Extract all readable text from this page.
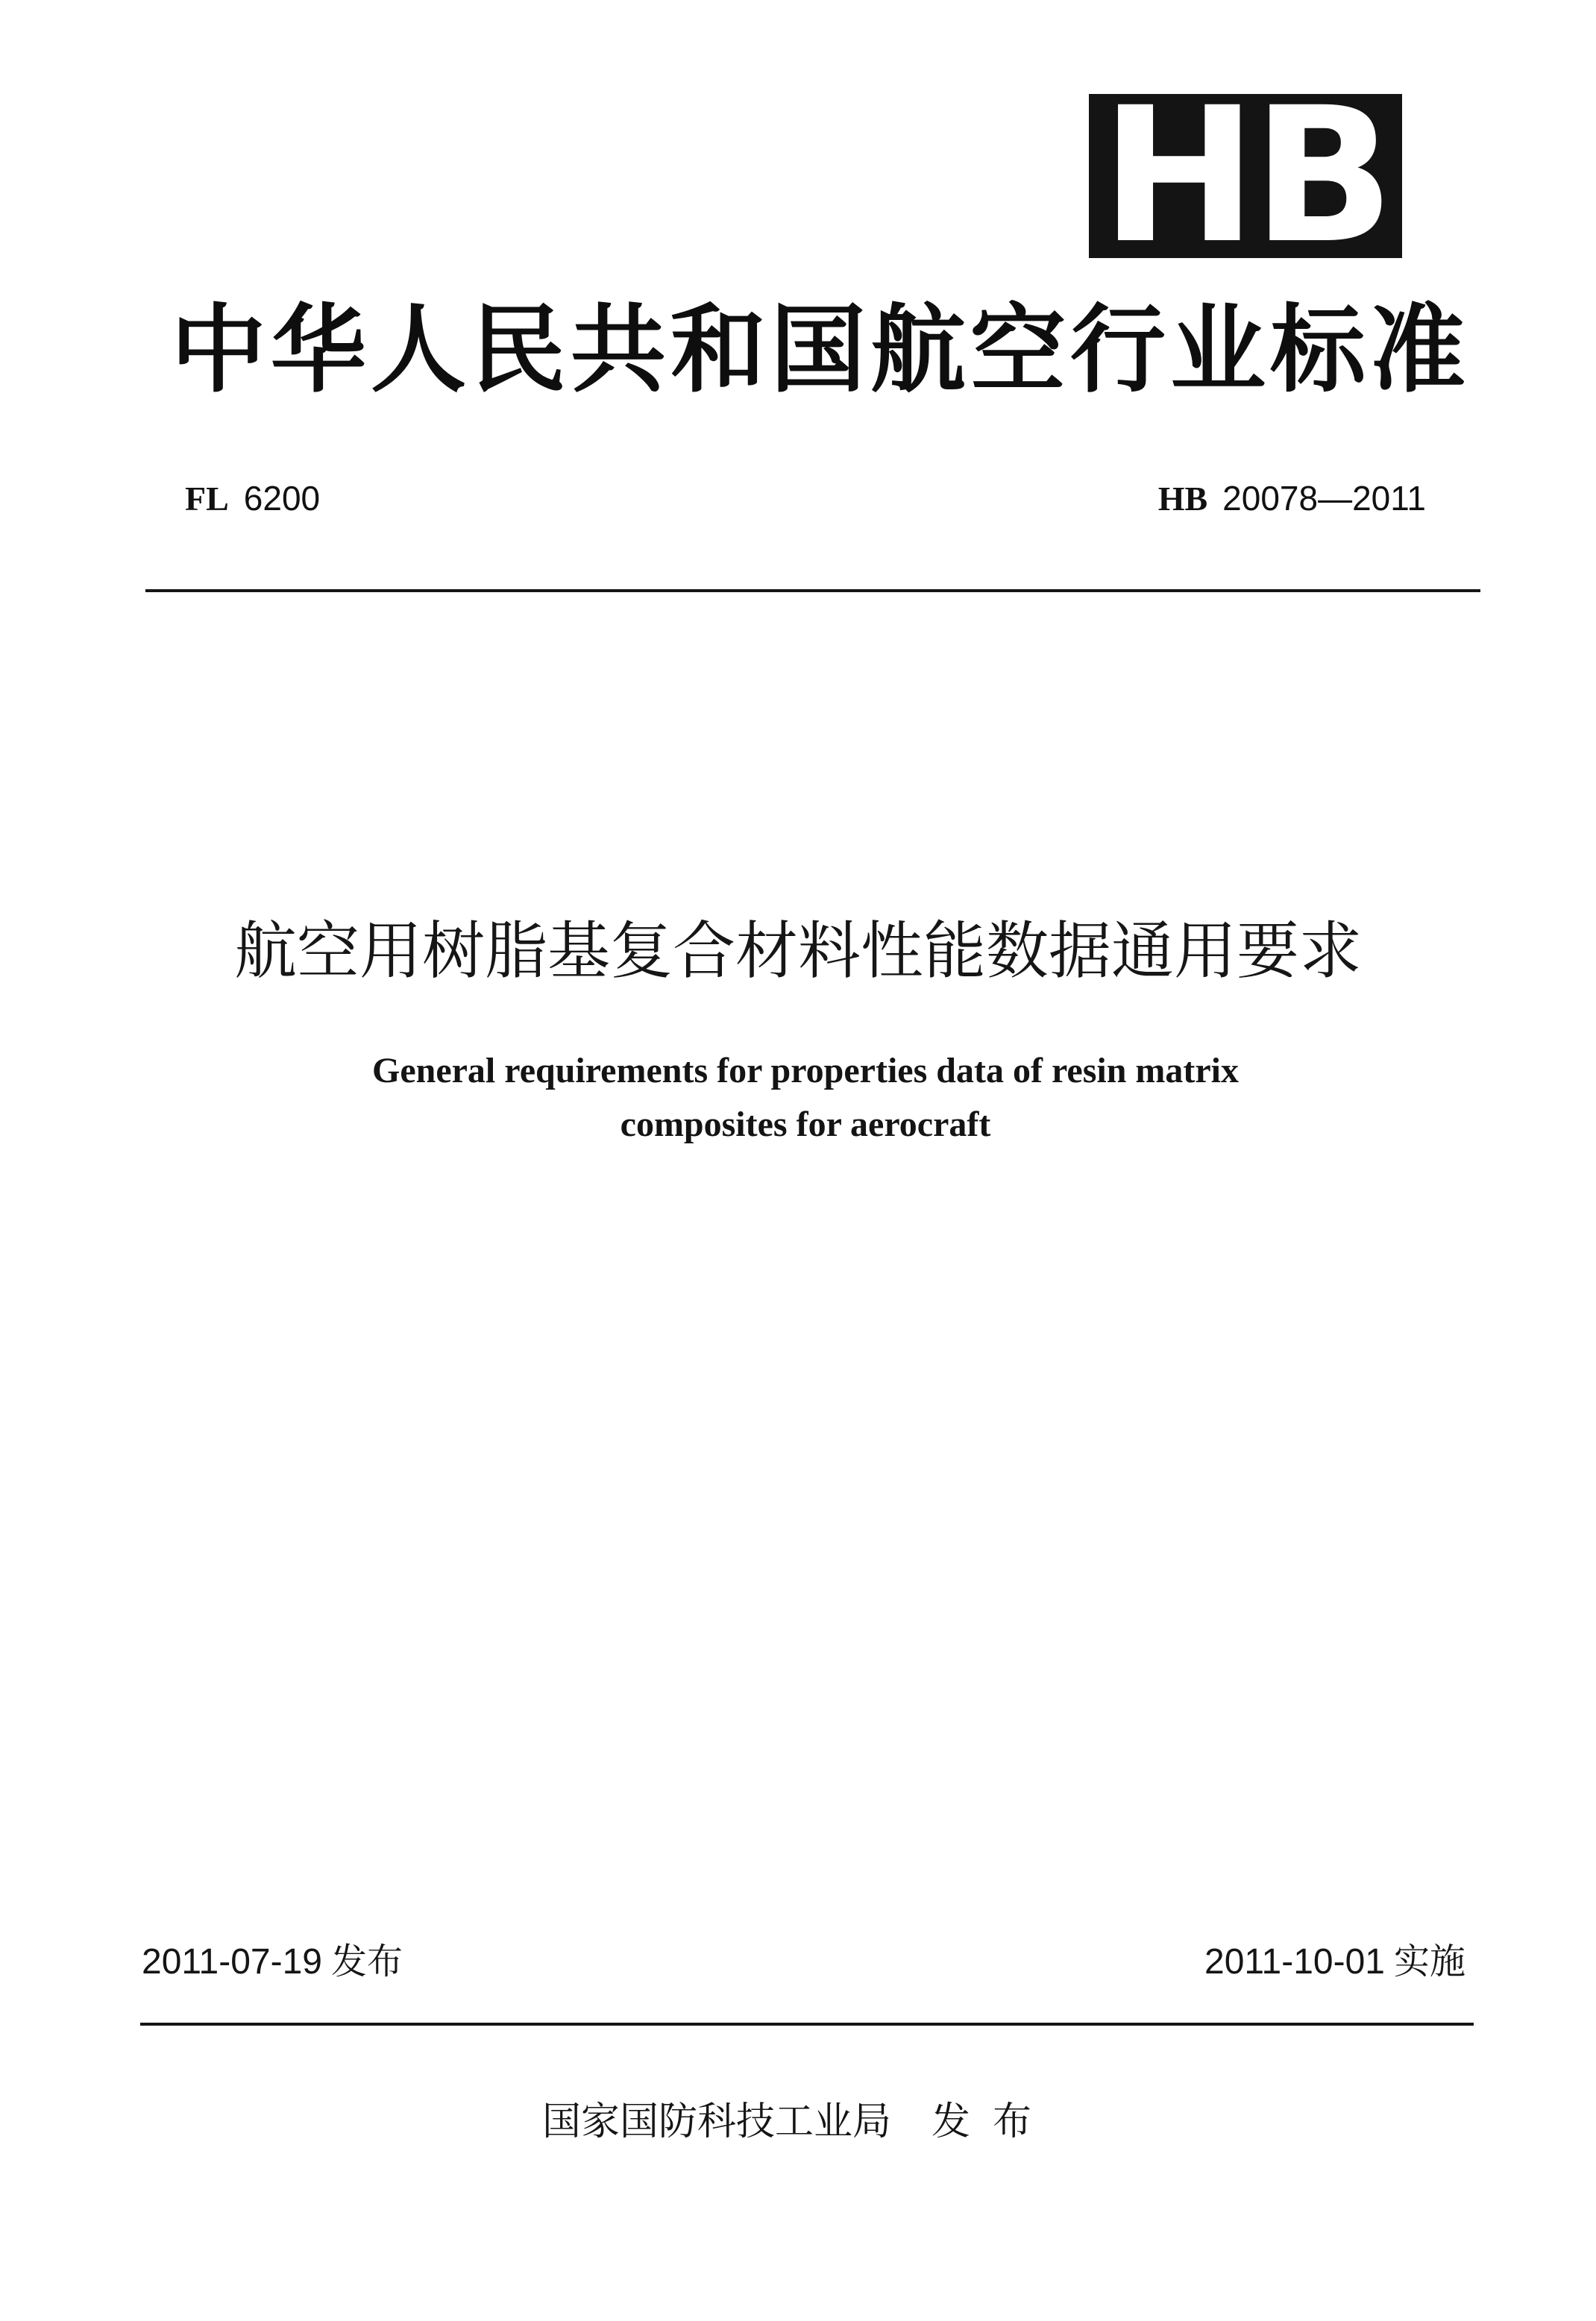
HB
中华人民共和国航空行业标准
FL 6200	HB 20078—2011
航空用树脂基复合材料性能数据通用要求
General requirements for properties data of resin matrix
composites for aerocraft
2011-07-19 发布	2011-10-01 实施
国家国防科技工业局 发布
